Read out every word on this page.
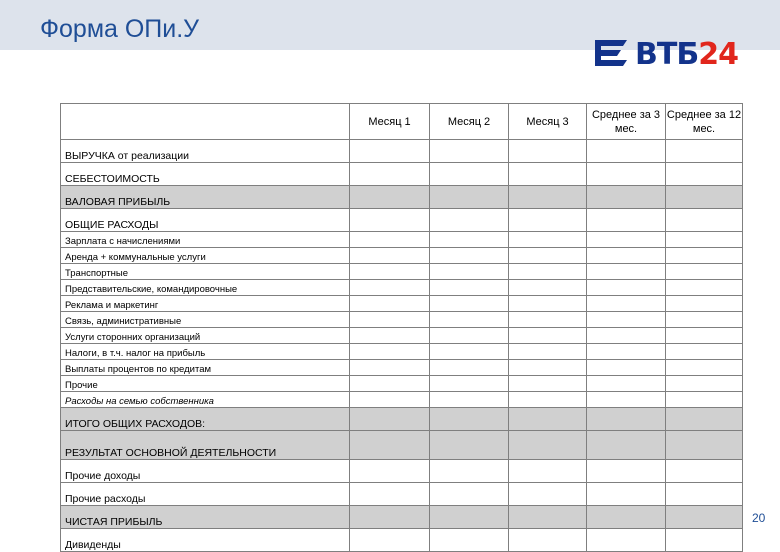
Форма ОПи.У
ВТБ24
	Месяц 1	Месяц 2	Месяц 3	Среднее за 3 мес.	Среднее за 12 мес.
ВЫРУЧКА от реализации					
СЕБЕСТОИМОСТЬ					
ВАЛОВАЯ ПРИБЫЛЬ					
ОБЩИЕ РАСХОДЫ					
Зарплата с начислениями					
Аренда + коммунальные услуги					
Транспортные					
Представительские, командировочные					
Реклама и маркетинг					
Связь, административные					
Услуги сторонних организаций					
Налоги, в т.ч. налог на прибыль					
Выплаты процентов по кредитам					
Прочие					
Расходы на семью собственника					
ИТОГО ОБЩИХ РАСХОДОВ:					
РЕЗУЛЬТАТ ОСНОВНОЙ ДЕЯТЕЛЬНОСТИ					
Прочие доходы					
Прочие расходы					
ЧИСТАЯ ПРИБЫЛЬ					
Дивиденды					
20
